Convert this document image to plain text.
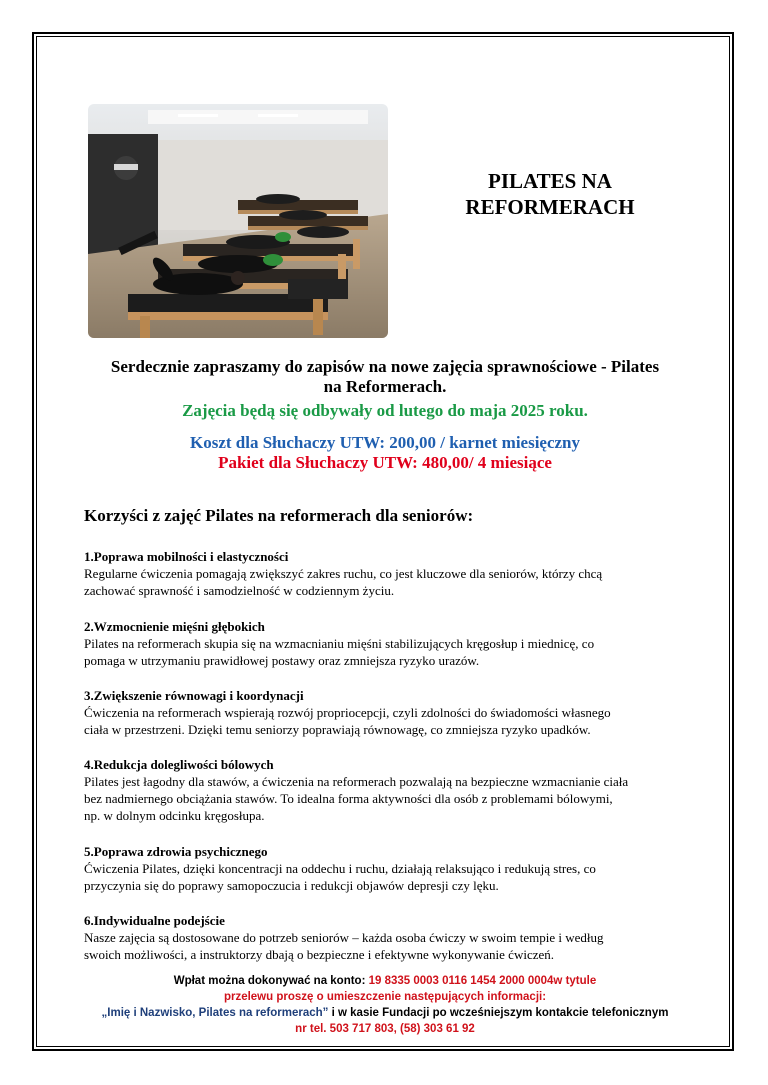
PILATES NA
REFORMERACH
Serdecznie zapraszamy do zapisów na nowe zajęcia sprawnościowe - Pilates
na Reformerach.
Zajęcia będą się odbywały od lutego do maja 2025 roku.
Koszt dla Słuchaczy UTW: 200,00 / karnet miesięczny
Pakiet dla Słuchaczy UTW: 480,00/ 4 miesiące
Korzyści z zajęć Pilates na reformerach dla seniorów:
1.Poprawa mobilności i elastyczności
Regularne ćwiczenia pomagają zwiększyć zakres ruchu, co jest kluczowe dla seniorów, którzy chcą
zachować sprawność i samodzielność w codziennym życiu.
2.Wzmocnienie mięśni głębokich
Pilates na reformerach skupia się na wzmacnianiu mięśni stabilizujących kręgosłup i miednicę, co
pomaga w utrzymaniu prawidłowej postawy oraz zmniejsza ryzyko urazów.
3.Zwiększenie równowagi i koordynacji
Ćwiczenia na reformerach wspierają rozwój propriocepcji, czyli zdolności do świadomości własnego
ciała w przestrzeni. Dzięki temu seniorzy poprawiają równowagę, co zmniejsza ryzyko upadków.
4.Redukcja dolegliwości bólowych
Pilates jest łagodny dla stawów, a ćwiczenia na reformerach pozwalają na bezpieczne wzmacnianie ciała
bez nadmiernego obciążania stawów. To idealna forma aktywności dla osób z problemami bólowymi,
np. w dolnym odcinku kręgosłupa.
5.Poprawa zdrowia psychicznego
Ćwiczenia Pilates, dzięki koncentracji na oddechu i ruchu, działają relaksująco i redukują stres, co
przyczynia się do poprawy samopoczucia i redukcji objawów depresji czy lęku.
6.Indywidualne podejście
Nasze zajęcia są dostosowane do potrzeb seniorów – każda osoba ćwiczy w swoim tempie i według
swoich możliwości, a instruktorzy dbają o bezpieczne i efektywne wykonywanie ćwiczeń.
Wpłat można dokonywać na konto: 19 8335 0003 0116 1454 2000 0004w tytule
przelewu proszę o umieszczenie następujących informacji:
„Imię i Nazwisko, Pilates na reformerach” i w kasie Fundacji po wcześniejszym kontakcie telefonicznym
nr tel. 503 717 803, (58) 303 61 92
